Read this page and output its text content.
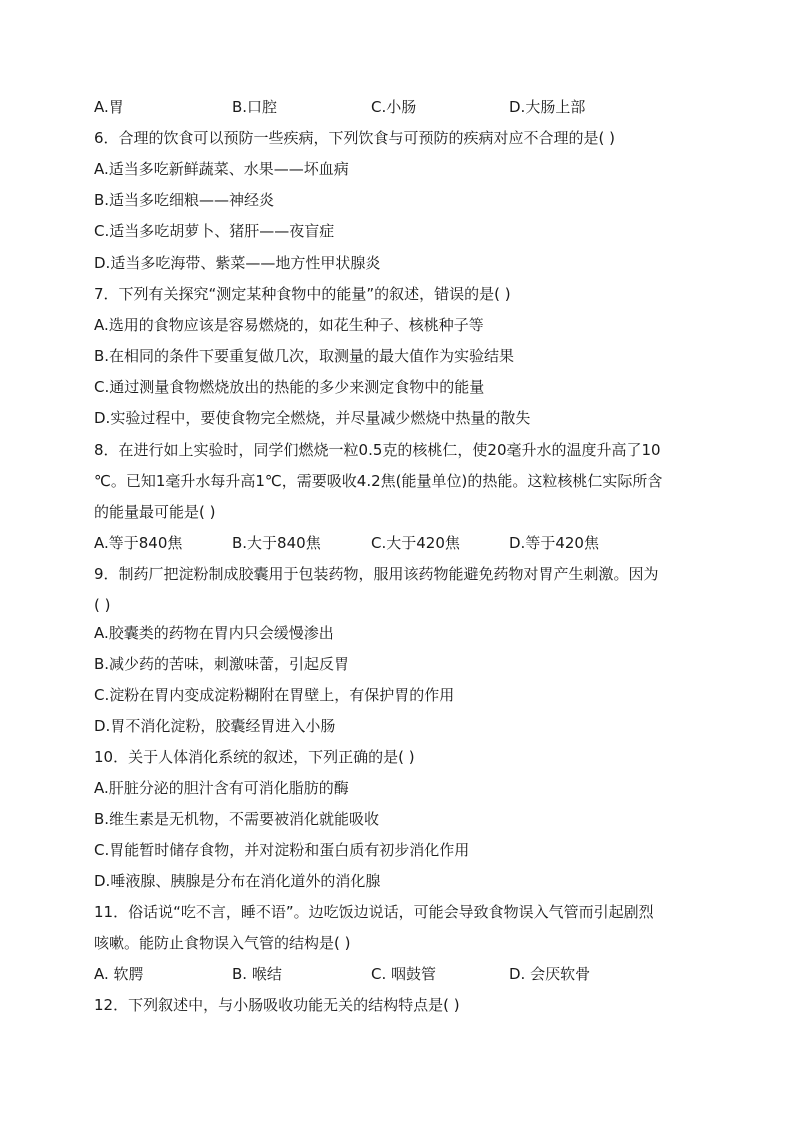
A.胃	B.口腔	C.小肠	D.大肠上部
6．合理的饮食可以预防一些疾病，下列饮食与可预防的疾病对应不合理的是( )
A.适当多吃新鲜蔬菜、水果——坏血病
B.适当多吃细粮——神经炎
C.适当多吃胡萝卜、猪肝——夜盲症
D.适当多吃海带、紫菜——地方性甲状腺炎
7．下列有关探究“测定某种食物中的能量”的叙述，错误的是( )
A.选用的食物应该是容易燃烧的，如花生种子、核桃种子等
B.在相同的条件下要重复做几次，取测量的最大值作为实验结果
C.通过测量食物燃烧放出的热能的多少来测定食物中的能量
D.实验过程中，要使食物完全燃烧，并尽量减少燃烧中热量的散失
8．在进行如上实验时，同学们燃烧一粒0.5克的核桃仁，使20毫升水的温度升高了10
℃。已知1毫升水每升高1℃，需要吸收4.2焦(能量单位)的热能。这粒核桃仁实际所含
的能量最可能是( )
A.等于840焦	B.大于840焦	C.大于420焦	D.等于420焦
9．制药厂把淀粉制成胶囊用于包装药物，服用该药物能避免药物对胃产生刺激。因为
( )
A.胶囊类的药物在胃内只会缓慢渗出
B.减少药的苦味，刺激味蕾，引起反胃
C.淀粉在胃内变成淀粉糊附在胃壁上，有保护胃的作用
D.胃不消化淀粉，胶囊经胃进入小肠
10．关于人体消化系统的叙述，下列正确的是( )
A.肝脏分泌的胆汁含有可消化脂肪的酶
B.维生素是无机物，不需要被消化就能吸收
C.胃能暂时储存食物，并对淀粉和蛋白质有初步消化作用
D.唾液腺、胰腺是分布在消化道外的消化腺
11．俗话说“吃不言，睡不语”。边吃饭边说话，可能会导致食物误入气管而引起剧烈
咳嗽。能防止食物误入气管的结构是( )
A. 软腭	B. 喉结	C. 咽鼓管	D. 会厌软骨
12．下列叙述中，与小肠吸收功能无关的结构特点是( )
